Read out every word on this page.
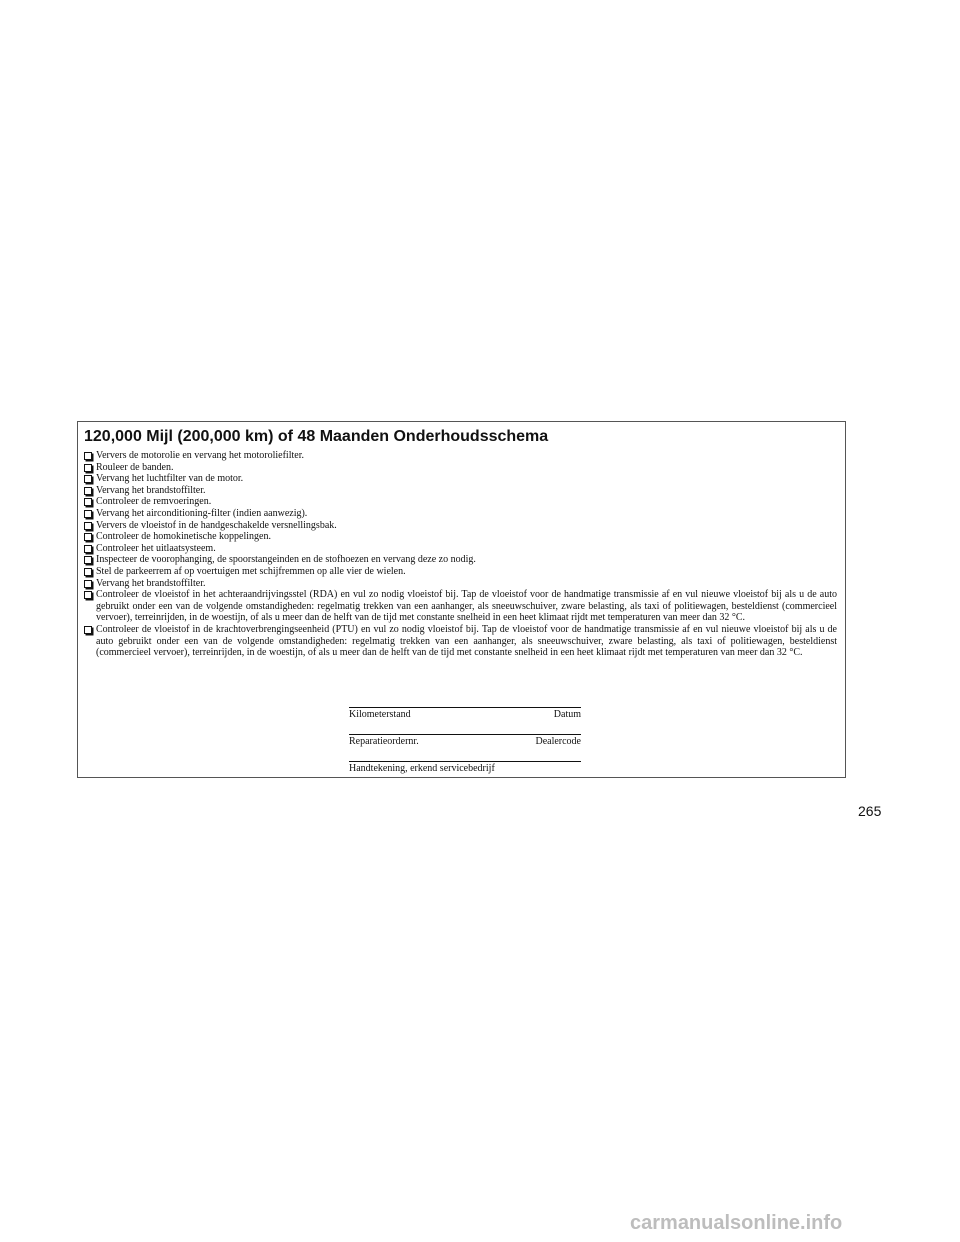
120,000 Mijl (200,000 km) of 48 Maanden Onderhoudsschema
Ververs de motorolie en vervang het motoroliefilter.
Rouleer de banden.
Vervang het luchtfilter van de motor.
Vervang het brandstoffilter.
Controleer de remvoeringen.
Vervang het airconditioning-filter (indien aanwezig).
Ververs de vloeistof in de handgeschakelde versnellingsbak.
Controleer de homokinetische koppelingen.
Controleer het uitlaatsysteem.
Inspecteer de voorophanging, de spoorstangeinden en de stofhoezen en vervang deze zo nodig.
Stel de parkeerrem af op voertuigen met schijfremmen op alle vier de wielen.
Vervang het brandstoffilter.
Controleer de vloeistof in het achteraandrijvingsstel (RDA) en vul zo nodig vloeistof bij. Tap de vloeistof voor de handmatige transmissie af en vul nieuwe vloeistof bij als u de auto gebruikt onder een van de volgende omstandigheden: regelmatig trekken van een aanhanger, als sneeuwschuiver, zware belasting, als taxi of politiewagen, besteldienst (commercieel vervoer), terreinrijden, in de woestijn, of als u meer dan de helft van de tijd met constante snelheid in een heet klimaat rijdt met temperaturen van meer dan 32 °C.
Controleer de vloeistof in de krachtoverbrengingseenheid (PTU) en vul zo nodig vloeistof bij. Tap de vloeistof voor de handmatige transmissie af en vul nieuwe vloeistof bij als u de auto gebruikt onder een van de volgende omstandigheden: regelmatig trekken van een aanhanger, als sneeuwschuiver, zware belasting, als taxi of politiewagen, besteldienst (commercieel vervoer), terreinrijden, in de woestijn, of als u meer dan de helft van de tijd met constante snelheid in een heet klimaat rijdt met temperaturen van meer dan 32 °C.
Kilometerstand	Datum
Reparatieordernr.	Dealercode
Handtekening, erkend servicebedrijf
265
carmanualsonline.info
